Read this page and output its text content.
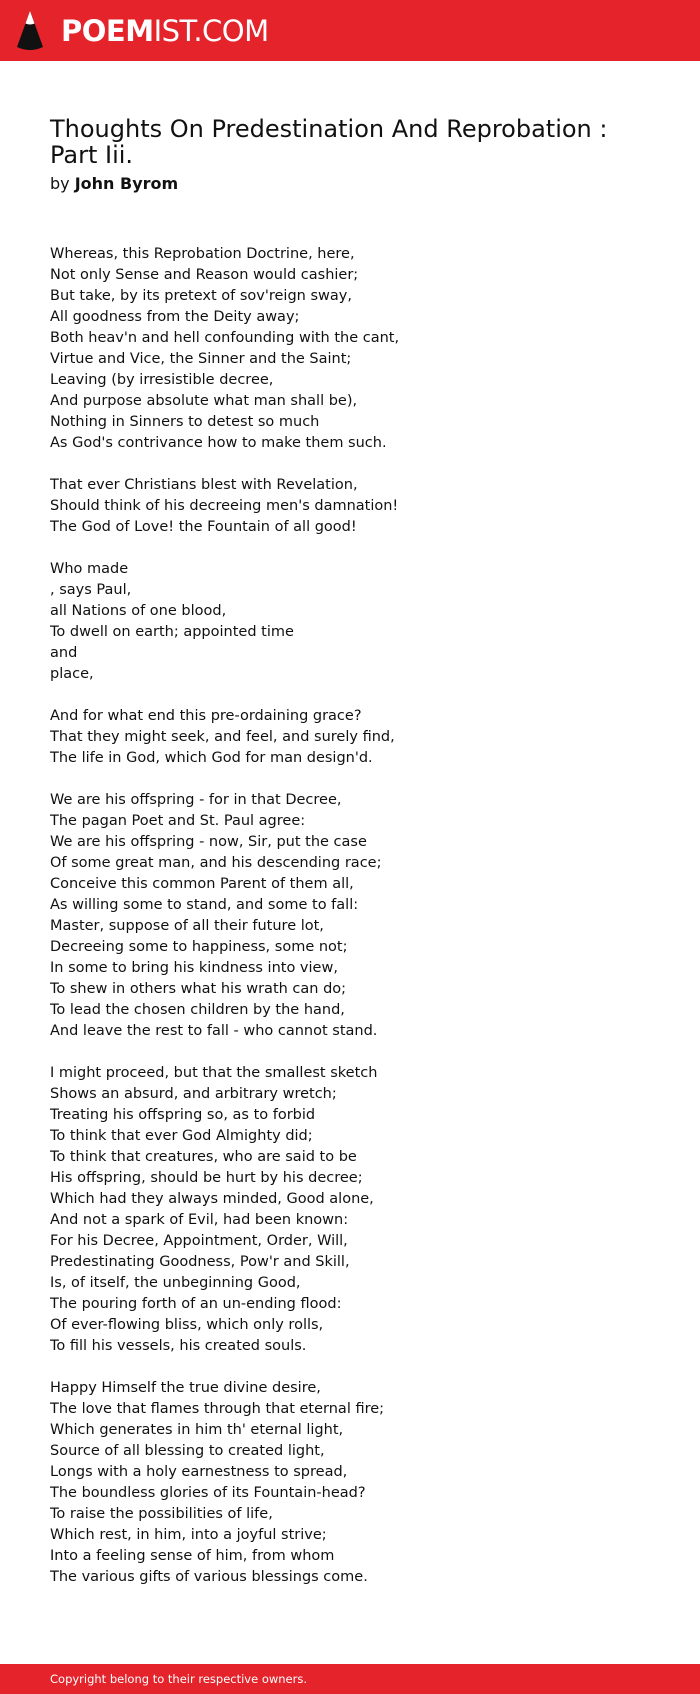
POEMIST.COM
Thoughts On Predestination And Reprobation : Part Iii.
by John Byrom
Whereas, this Reprobation Doctrine, here,
Not only Sense and Reason would cashier;
But take, by its pretext of sov'reign sway,
All goodness from the Deity away;
Both heav'n and hell confounding with the cant,
Virtue and Vice, the Sinner and the Saint;
Leaving (by irresistible decree,
And purpose absolute what man shall be),
Nothing in Sinners to detest so much
As God's contrivance how to make them such.
That ever Christians blest with Revelation,
Should think of his decreeing men's damnation!
The God of Love! the Fountain of all good!
Who made
, says Paul,
all Nations of one blood,
To dwell on earth; appointed time
and
place,
And for what end this pre-ordaining grace?
That they might seek, and feel, and surely find,
The life in God, which God for man design'd.
We are his offspring - for in that Decree,
The pagan Poet and St. Paul agree:
We are his offspring - now, Sir, put the case
Of some great man, and his descending race;
Conceive this common Parent of them all,
As willing some to stand, and some to fall:
Master, suppose of all their future lot,
Decreeing some to happiness, some not;
In some to bring his kindness into view,
To shew in others what his wrath can do;
To lead the chosen children by the hand,
And leave the rest to fall - who cannot stand.
I might proceed, but that the smallest sketch
Shows an absurd, and arbitrary wretch;
Treating his offspring so, as to forbid
To think that ever God Almighty did;
To think that creatures, who are said to be
His offspring, should be hurt by his decree;
Which had they always minded, Good alone,
And not a spark of Evil, had been known:
For his Decree, Appointment, Order, Will,
Predestinating Goodness, Pow'r and Skill,
Is, of itself, the unbeginning Good,
The pouring forth of an un-ending flood:
Of ever-flowing bliss, which only rolls,
To fill his vessels, his created souls.
Happy Himself the true divine desire,
The love that flames through that eternal fire;
Which generates in him th' eternal light,
Source of all blessing to created light,
Longs with a holy earnestness to spread,
The boundless glories of its Fountain-head?
To raise the possibilities of life,
Which rest, in him, into a joyful strive;
Into a feeling sense of him, from whom
The various gifts of various blessings come.
Copyright belong to their respective owners.
